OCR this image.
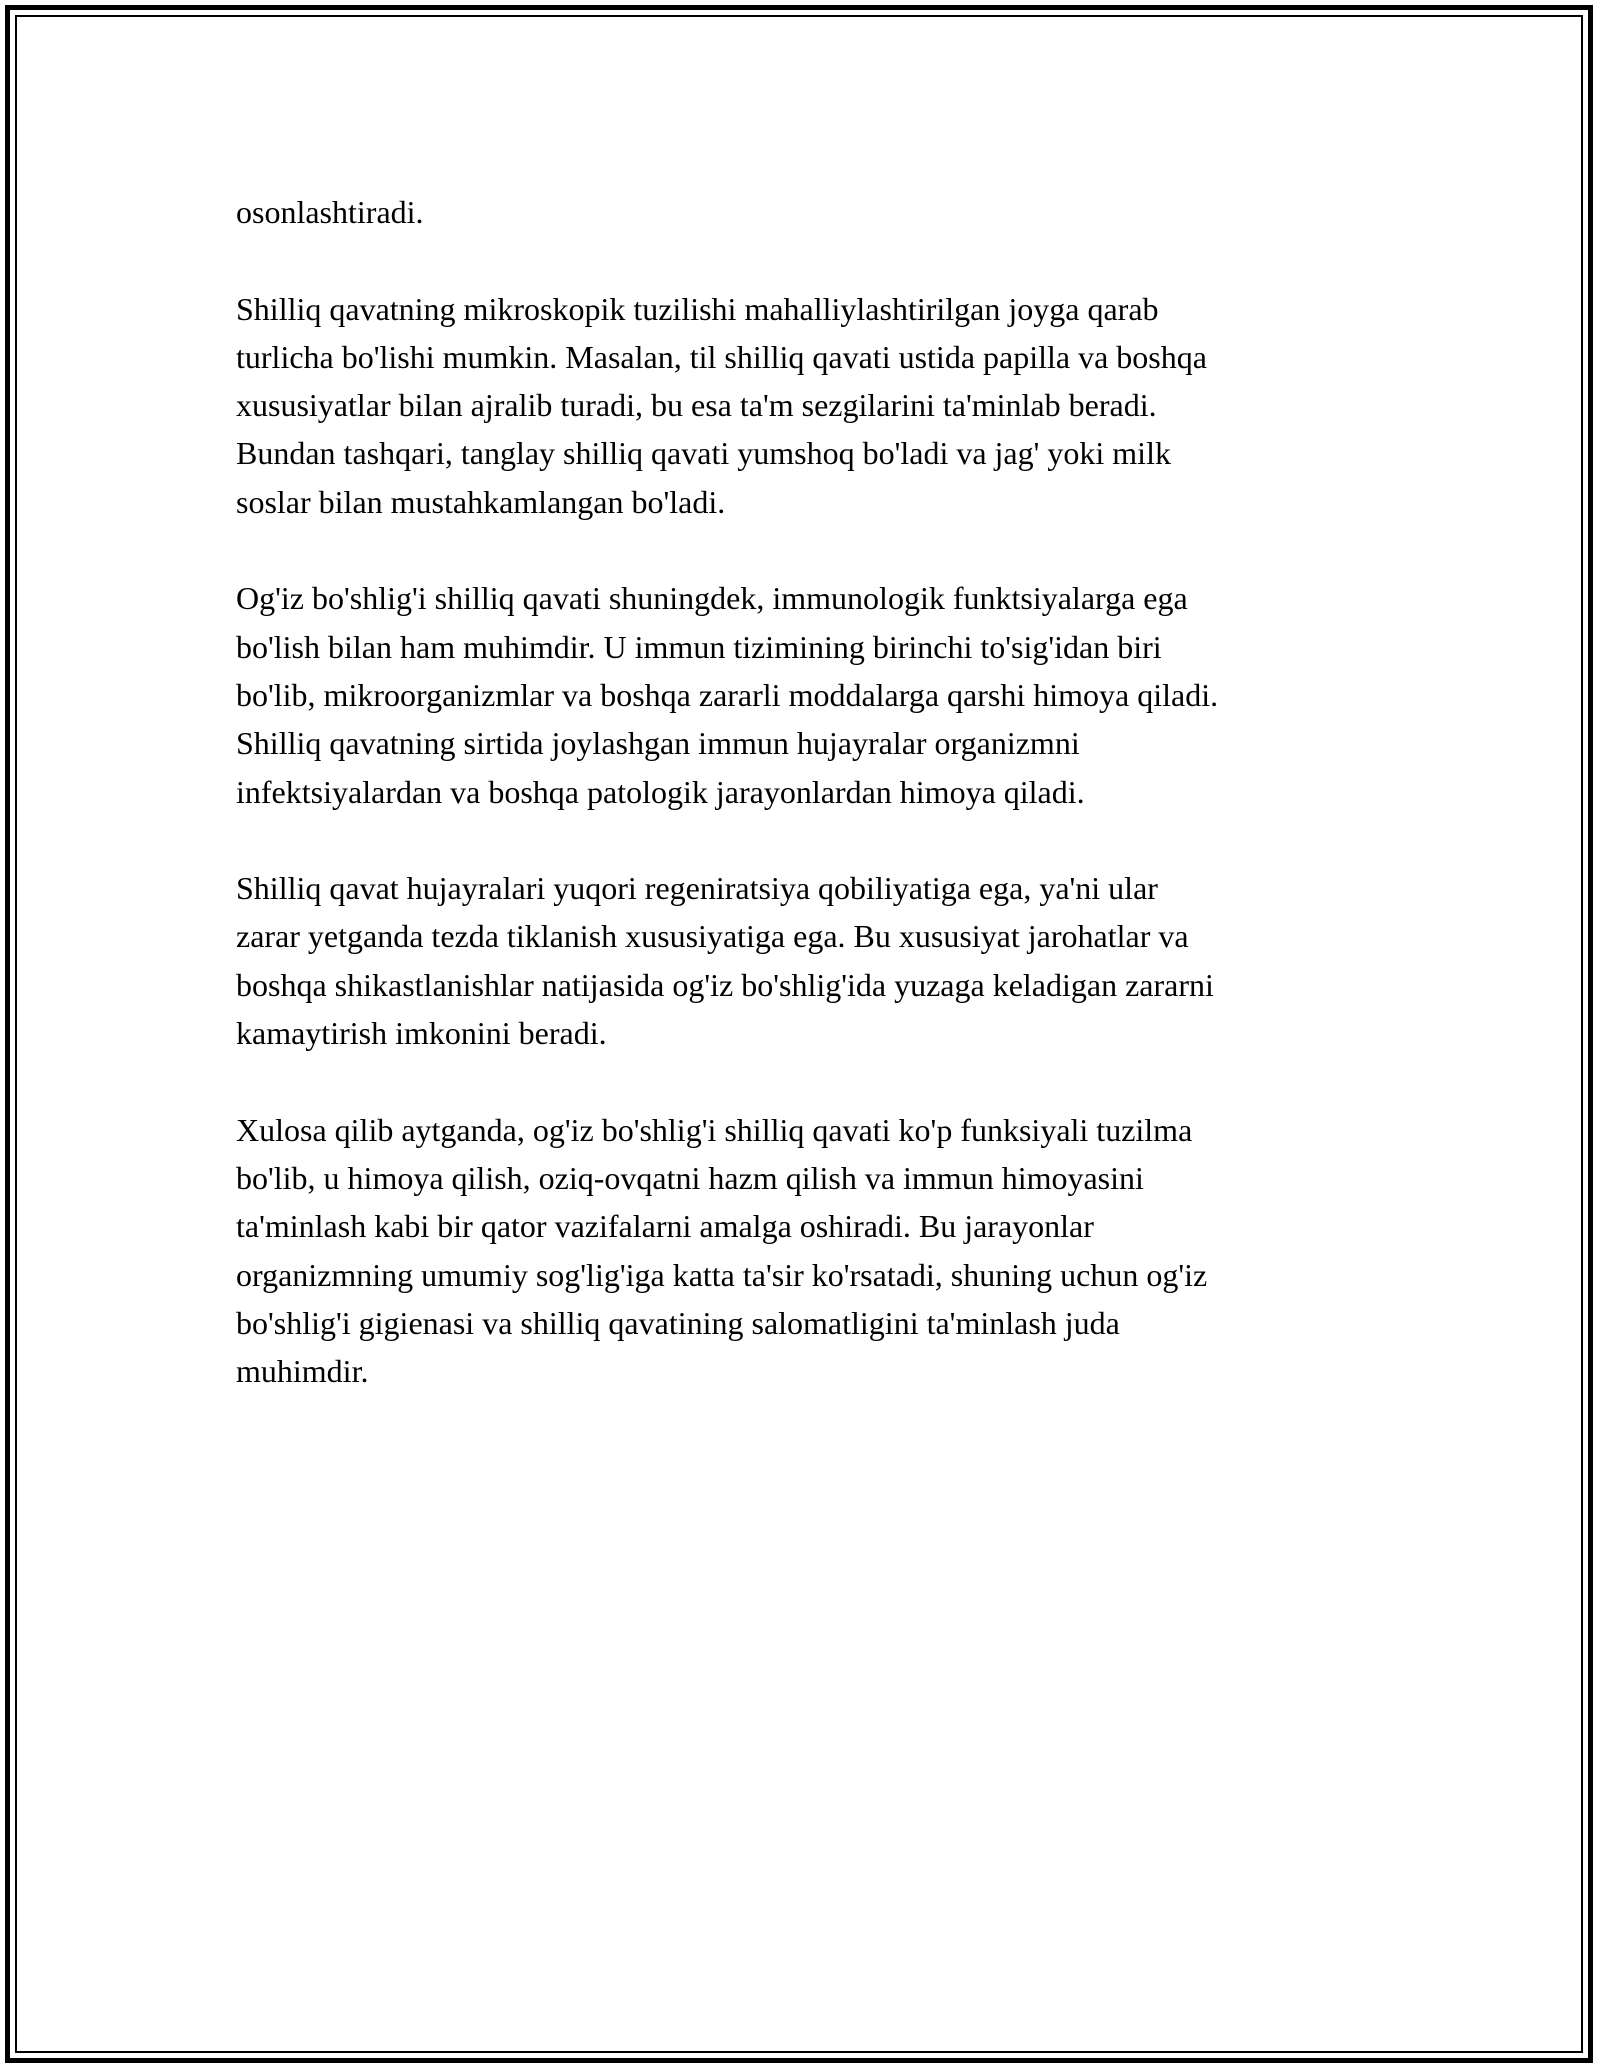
osonlashtiradi.

Shilliq qavatning mikroskopik tuzilishi mahalliylashtirilgan joyga qarab
turlicha bo'lishi mumkin. Masalan, til shilliq qavati ustida papilla va boshqa
xususiyatlar bilan ajralib turadi, bu esa ta'm sezgilarini ta'minlab beradi.
Bundan tashqari, tanglay shilliq qavati yumshoq bo'ladi va jag' yoki milk
soslar bilan mustahkamlangan bo'ladi.

Og'iz bo'shlig'i shilliq qavati shuningdek, immunologik funktsiyalarga ega
bo'lish bilan ham muhimdir. U immun tizimining birinchi to'sig'idan biri
bo'lib, mikroorganizmlar va boshqa zararli moddalarga qarshi himoya qiladi.
Shilliq qavatning sirtida joylashgan immun hujayralar organizmni
infektsiyalardan va boshqa patologik jarayonlardan himoya qiladi.

Shilliq qavat hujayralari yuqori regeniratsiya qobiliyatiga ega, ya'ni ular
zarar yetganda tezda tiklanish xususiyatiga ega. Bu xususiyat jarohatlar va
boshqa shikastlanishlar natijasida og'iz bo'shlig'ida yuzaga keladigan zararni
kamaytirish imkonini beradi.

Xulosa qilib aytganda, og'iz bo'shlig'i shilliq qavati ko'p funksiyali tuzilma
bo'lib, u himoya qilish, oziq-ovqatni hazm qilish va immun himoyasini
ta'minlash kabi bir qator vazifalarni amalga oshiradi. Bu jarayonlar
organizmning umumiy sog'lig'iga katta ta'sir ko'rsatadi, shuning uchun og'iz
bo'shlig'i gigienasi va shilliq qavatining salomatligini ta'minlash juda
muhimdir.
